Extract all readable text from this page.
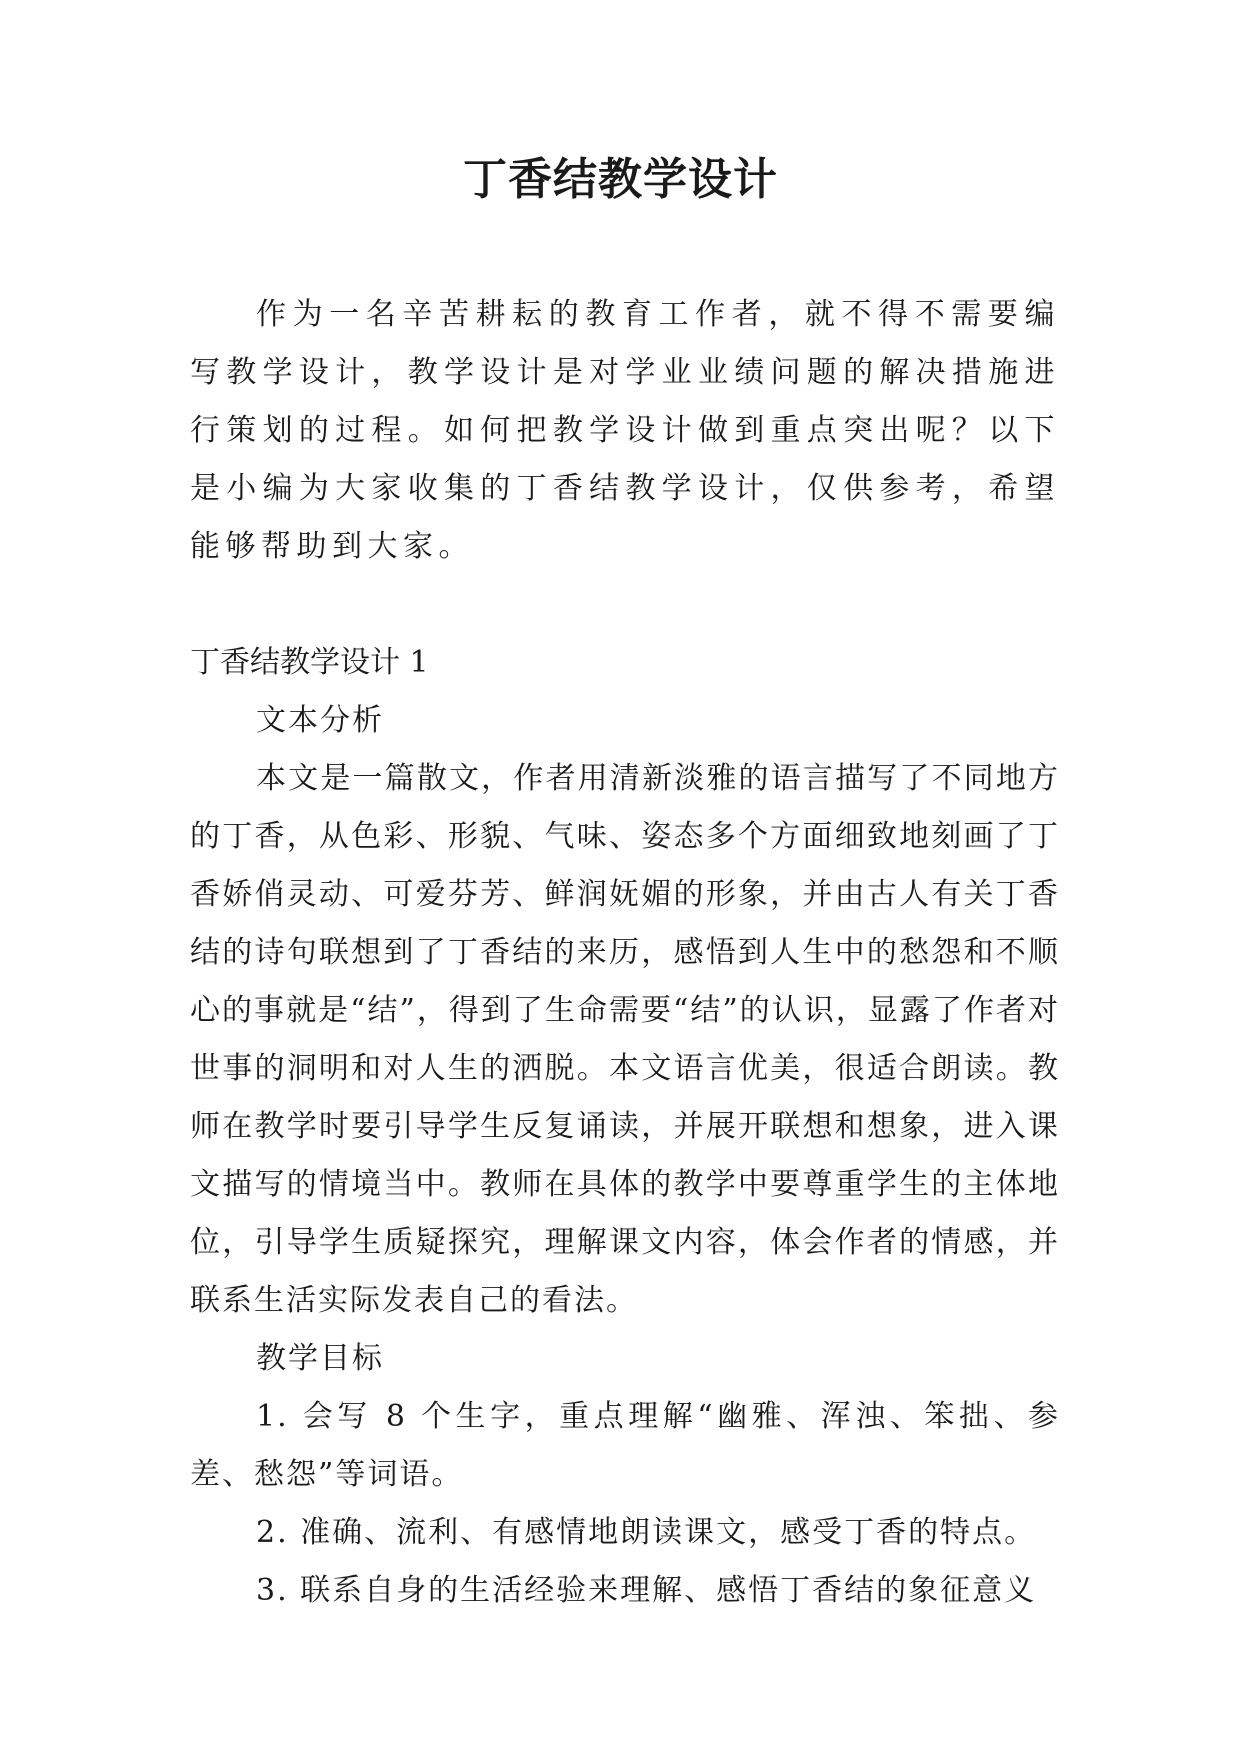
丁香结教学设计

作为一名辛苦耕耘的教育工作者，就不得不需要编写教学设计，教学设计是对学业业绩问题的解决措施进行策划的过程。如何把教学设计做到重点突出呢？以下是小编为大家收集的丁香结教学设计，仅供参考，希望能够帮助到大家。

丁香结教学设计 1

文本分析

本文是一篇散文，作者用清新淡雅的语言描写了不同地方的丁香，从色彩、形貌、气味、姿态多个方面细致地刻画了丁香娇俏灵动、可爱芬芳、鲜润妩媚的形象，并由古人有关丁香结的诗句联想到了丁香结的来历，感悟到人生中的愁怨和不顺心的事就是“结”，得到了生命需要“结”的认识，显露了作者对世事的洞明和对人生的洒脱。本文语言优美，很适合朗读。教师在教学时要引导学生反复诵读，并展开联想和想象，进入课文描写的情境当中。教师在具体的教学中要尊重学生的主体地位，引导学生质疑探究，理解课文内容，体会作者的情感，并联系生活实际发表自己的看法。

教学目标

1. 会写 8 个生字，重点理解“幽雅、浑浊、笨拙、参差、愁怨”等词语。

2. 准确、流利、有感情地朗读课文，感受丁香的特点。

3. 联系自身的生活经验来理解、感悟丁香结的象征意义
